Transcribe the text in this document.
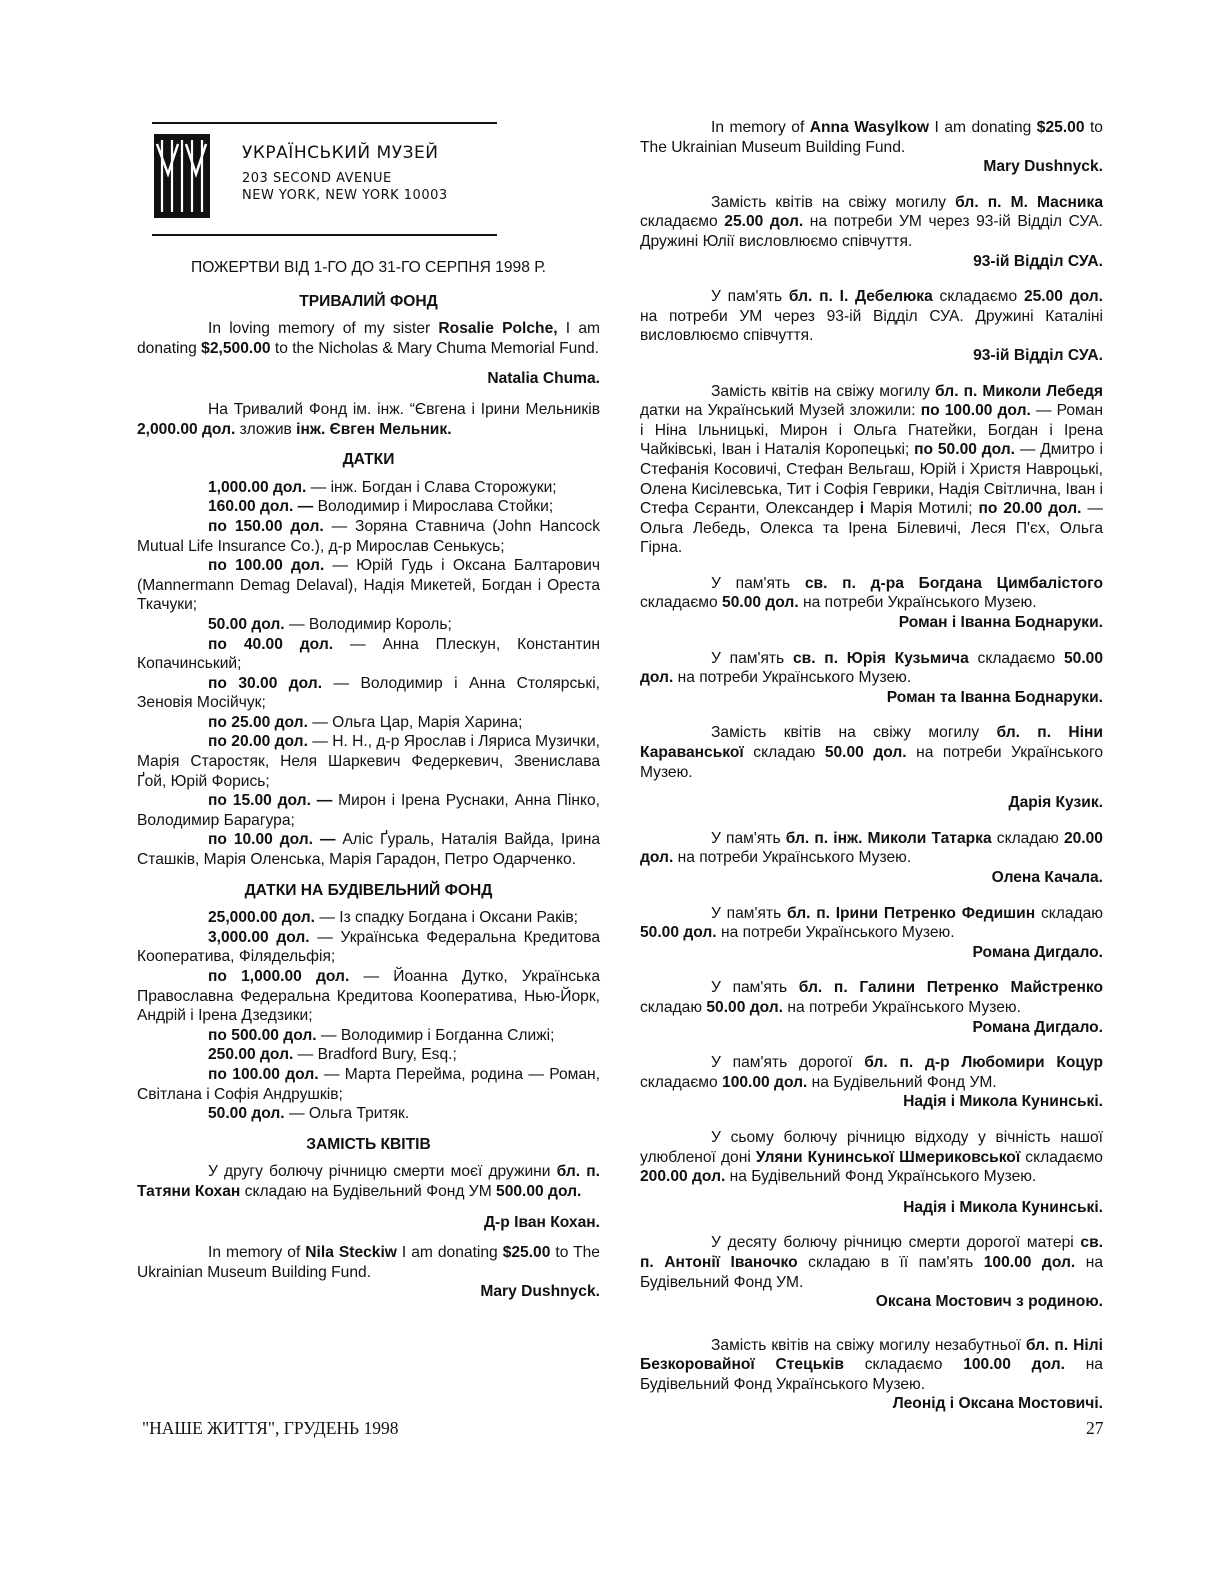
УКРАЇНСЬКИЙ МУЗЕЙ
203 SECOND AVENUE
NEW YORK, NEW YORK 10003

ПОЖЕРТВИ ВІД 1-ГО ДО 31-ГО СЕРПНЯ 1998 Р.

ТРИВАЛИЙ ФОНД

In loving memory of my sister Rosalie Polche, I am donating $2,500.00 to the Nicholas & Mary Chuma Memorial Fund.

Natalia Chuma.

На Тривалий Фонд ім. інж. “Євгена і Ірини Мельників 2,000.00 дол. зложив інж. Євген Мельник.

ДАТКИ

1,000.00 дол. — інж. Богдан і Слава Сторожуки;

160.00 дол. — Володимир і Мирослава Стойки;

по 150.00 дол. — Зоряна Ставнича (John Hancock Mutual Life Insurance Co.), д-р Мирослав Сенькусь;

по 100.00 дол. — Юрій Гудь і Оксана Балтарович (Mannermann Demag Delaval), Надія Микетей, Богдан і Ореста Ткачуки;

50.00 дол. — Володимир Король;

по 40.00 дол. — Анна Плескун, Константин Копачинський;

по 30.00 дол. — Володимир і Анна Столярські, Зеновія Мосійчук;

по 25.00 дол. — Ольга Цар, Марія Харина;

по 20.00 дол. — Н. Н., д-р Ярослав і Ляриса Музички, Марія Старостяк, Неля Шаркевич Федеркевич, Звенислава Ґой, Юрій Форись;

по 15.00 дол. — Мирон і Ірена Руснаки, Анна Пінко, Володимир Барагура;

по 10.00 дол. — Аліс Ґураль, Наталія Вайда, Ірина Сташків, Марія Оленська, Марія Гарадон, Петро Одарченко.

ДАТКИ НА БУДІВЕЛЬНИЙ ФОНД

25,000.00 дол. — Із спадку Богдана і Оксани Раків;

3,000.00 дол. — Українська Федеральна Кредитова Кооператива, Філядельфія;

по 1,000.00 дол. — Йоанна Дутко, Українська Православна Федеральна Кредитова Кооператива, Нью-Йорк, Андрій і Ірена Дзедзики;

по 500.00 дол. — Володимир і Богданна Слижі;

250.00 дол. — Bradford Bury, Esq.;

по 100.00 дол. — Марта Перейма, родина — Роман, Світлана і Софія Андрушків;

50.00 дол. — Ольга Тритяк.

ЗАМІСТЬ КВІТІВ

У другу болючу річницю смерти моєї дружини бл. п. Татяни Кохан складаю на Будівельний Фонд УМ 500.00 дол.

Д-р Іван Кохан.

In memory of Nila Steckiw I am donating $25.00 to The Ukrainian Museum Building Fund.

Mary Dushnyck.

In memory of Anna Wasylkow I am donating $25.00 to The Ukrainian Museum Building Fund.

Mary Dushnyck.

Замість квітів на свіжу могилу бл. п. М. Масника складаємо 25.00 дол. на потреби УМ через 93-ій Відділ СУА. Дружині Юлії висловлюємо співчуття.

93-ій Відділ СУА.

У пам'ять бл. п. І. Дебелюка складаємо 25.00 дол. на потреби УМ через 93-ій Відділ СУА. Дружині Каталіні висловлюємо співчуття.

93-ій Відділ СУА.

Замість квітів на свіжу могилу бл. п. Миколи Лебедя датки на Український Музей зложили: по 100.00 дол. — Роман і Ніна Ільницькі, Мирон і Ольга Гнатейки, Богдан і Ірена Чайківські, Іван і Наталія Коропецькі; по 50.00 дол. — Дмитро і Стефанія Косовичі, Стефан Вельгаш, Юрій і Христя Навроцькі, Олена Кисілевська, Тит і Софія Геврики, Надія Світлична, Іван і Стефа Сєранти, Олександер і Марія Мотилі; по 20.00 дол. — Ольга Лебедь, Олекса та Ірена Білевичі, Леся П'єх, Ольга Гірна.

У пам'ять св. п. д-ра Богдана Цимбалістого складаємо 50.00 дол. на потреби Українського Музею.

Роман і Іванна Боднаруки.

У пам'ять св. п. Юрія Кузьмича складаємо 50.00 дол. на потреби Українського Музею.

Роман та Іванна Боднаруки.

Замість квітів на свіжу могилу бл. п. Ніни Караванської складаю 50.00 дол. на потреби Українського Музею.

Дарія Кузик.

У пам'ять бл. п. інж. Миколи Татарка складаю 20.00 дол. на потреби Українського Музею.

Олена Качала.

У пам'ять бл. п. Ірини Петренко Федишин складаю 50.00 дол. на потреби Українського Музею.

Романа Дигдало.

У пам'ять бл. п. Галини Петренко Майстренко складаю 50.00 дол. на потреби Українського Музею.

Романа Дигдало.

У пам'ять дорогої бл. п. д-р Любомири Коцур складаємо 100.00 дол. на Будівельний Фонд УМ.

Надія і Микола Кунинські.

У сьому болючу річницю відходу у вічність нашої улюбленої доні Уляни Кунинської Шмериковської складаємо 200.00 дол. на Будівельний Фонд Українського Музею.

Надія і Микола Кунинські.

У десяту болючу річницю смерти дорогої матері св. п. Антонії Іваночко складаю в її пам'ять 100.00 дол. на Будівельний Фонд УМ.

Оксана Мостович з родиною.

Замість квітів на свіжу могилу незабутньої бл. п. Нілі Безкоровайної Стецьків складаємо 100.00 дол. на Будівельний Фонд Українського Музею.

Леонід і Оксана Мостовичі.

"НАШЕ ЖИТТЯ", ГРУДЕНЬ 1998	27
